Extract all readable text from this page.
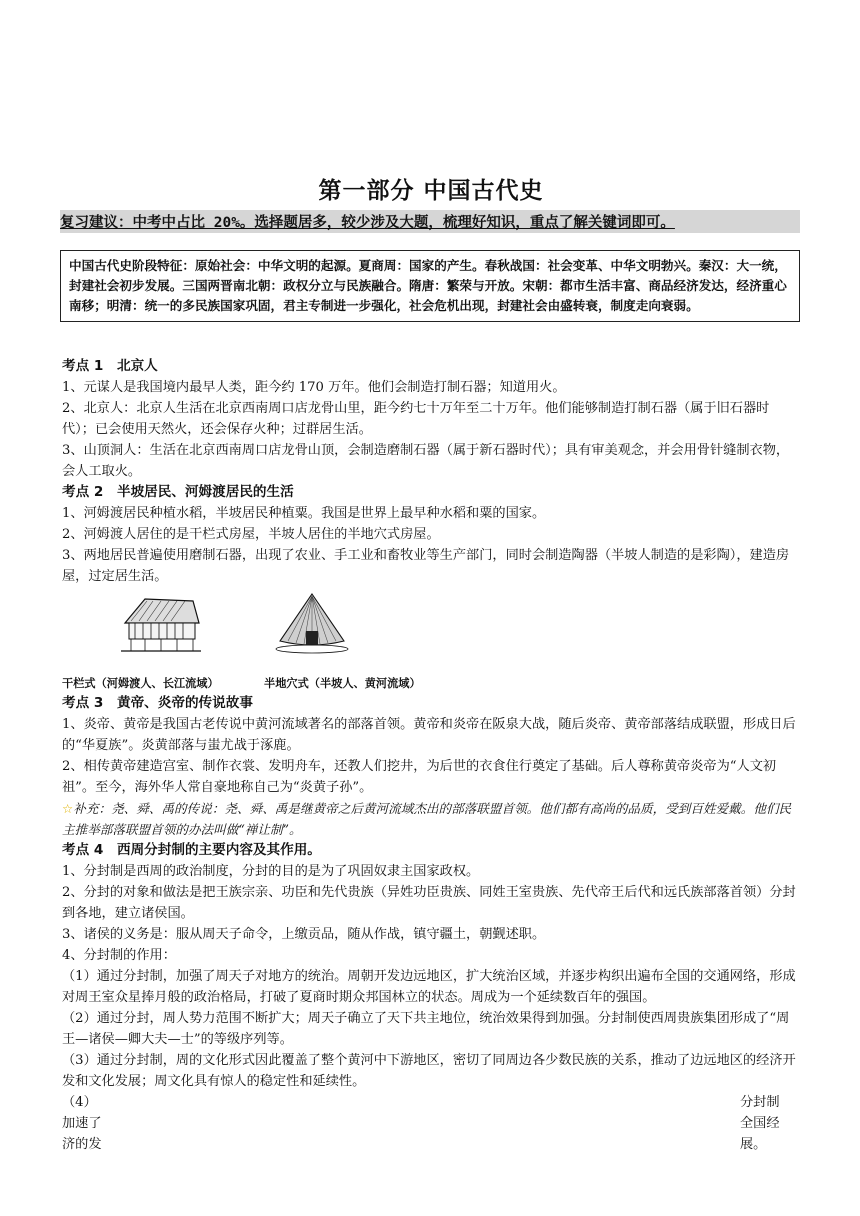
第一部分 中国古代史
复习建议：中考中占比 20%。选择题居多，较少涉及大题，梳理好知识，重点了解关键词即可。
中国古代史阶段特征：原始社会：中华文明的起源。夏商周：国家的产生。春秋战国：社会变革、中华文明勃兴。秦汉：大一统，封建社会初步发展。三国两晋南北朝：政权分立与民族融合。隋唐：繁荣与开放。宋朝：都市生活丰富、商品经济发达，经济重心南移；明清：统一的多民族国家巩固，君主专制进一步强化，社会危机出现，封建社会由盛转衰，制度走向衰弱。

考点 1　北京人

1、元谋人是我国境内最早人类，距今约 170 万年。他们会制造打制石器；知道用火。

2、北京人：北京人生活在北京西南周口店龙骨山里，距今约七十万年至二十万年。他们能够制造打制石器（属于旧石器时代）；已会使用天然火，还会保存火种；过群居生活。

3、山顶洞人：生活在北京西南周口店龙骨山顶，会制造磨制石器（属于新石器时代）；具有审美观念，并会用骨针缝制衣物，会人工取火。

考点 2　半坡居民、河姆渡居民的生活

1、河姆渡居民种植水稻，半坡居民种植粟。我国是世界上最早种水稻和粟的国家。

2、河姆渡人居住的是干栏式房屋，半坡人居住的半地穴式房屋。

3、两地居民普遍使用磨制石器，出现了农业、手工业和畜牧业等生产部门，同时会制造陶器（半坡人制造的是彩陶），建造房屋，过定居生活。

干栏式（河姆渡人、长江流域）	半地穴式（半坡人、黄河流域）

考点 3　黄帝、炎帝的传说故事

1、炎帝、黄帝是我国古老传说中黄河流域著名的部落首领。黄帝和炎帝在阪泉大战，随后炎帝、黄帝部落结成联盟，形成日后的“华夏族”。炎黄部落与蚩尤战于涿鹿。

2、相传黄帝建造宫室、制作衣裳、发明舟车，还教人们挖井，为后世的衣食住行奠定了基础。后人尊称黄帝炎帝为“人文初祖”。至今，海外华人常自豪地称自己为“炎黄子孙”。

☆补充：尧、舜、禹的传说：尧、舜、禹是继黄帝之后黄河流域杰出的部落联盟首领。他们都有高尚的品质，受到百姓爱戴。他们民主推举部落联盟首领的办法叫做“禅让制”。

考点 4　西周分封制的主要内容及其作用。

1、分封制是西周的政治制度，分封的目的是为了巩固奴隶主国家政权。

2、分封的对象和做法是把王族宗亲、功臣和先代贵族（异姓功臣贵族、同姓王室贵族、先代帝王后代和远氏族部落首领）分封到各地，建立诸侯国。

3、诸侯的义务是：服从周天子命令，上缴贡品，随从作战，镇守疆土，朝觐述职。

4、分封制的作用：

（1）通过分封制，加强了周天子对地方的统治。周朝开发边远地区，扩大统治区域，并逐步构织出遍布全国的交通网络，形成对周王室众星捧月般的政治格局，打破了夏商时期众邦国林立的状态。周成为一个延续数百年的强国。

（2）通过分封，周人势力范围不断扩大；周天子确立了天下共主地位，统治效果得到加强。分封制使西周贵族集团形成了“周王—诸侯—卿大夫—士”的等级序列等。

（3）通过分封制，周的文化形式因此覆盖了整个黄河中下游地区，密切了同周边各少数民族的关系，推动了边远地区的经济开发和文化发展；周文化具有惊人的稳定性和延续性。

（4）

加速了

济的发

分封制

全国经

展。
